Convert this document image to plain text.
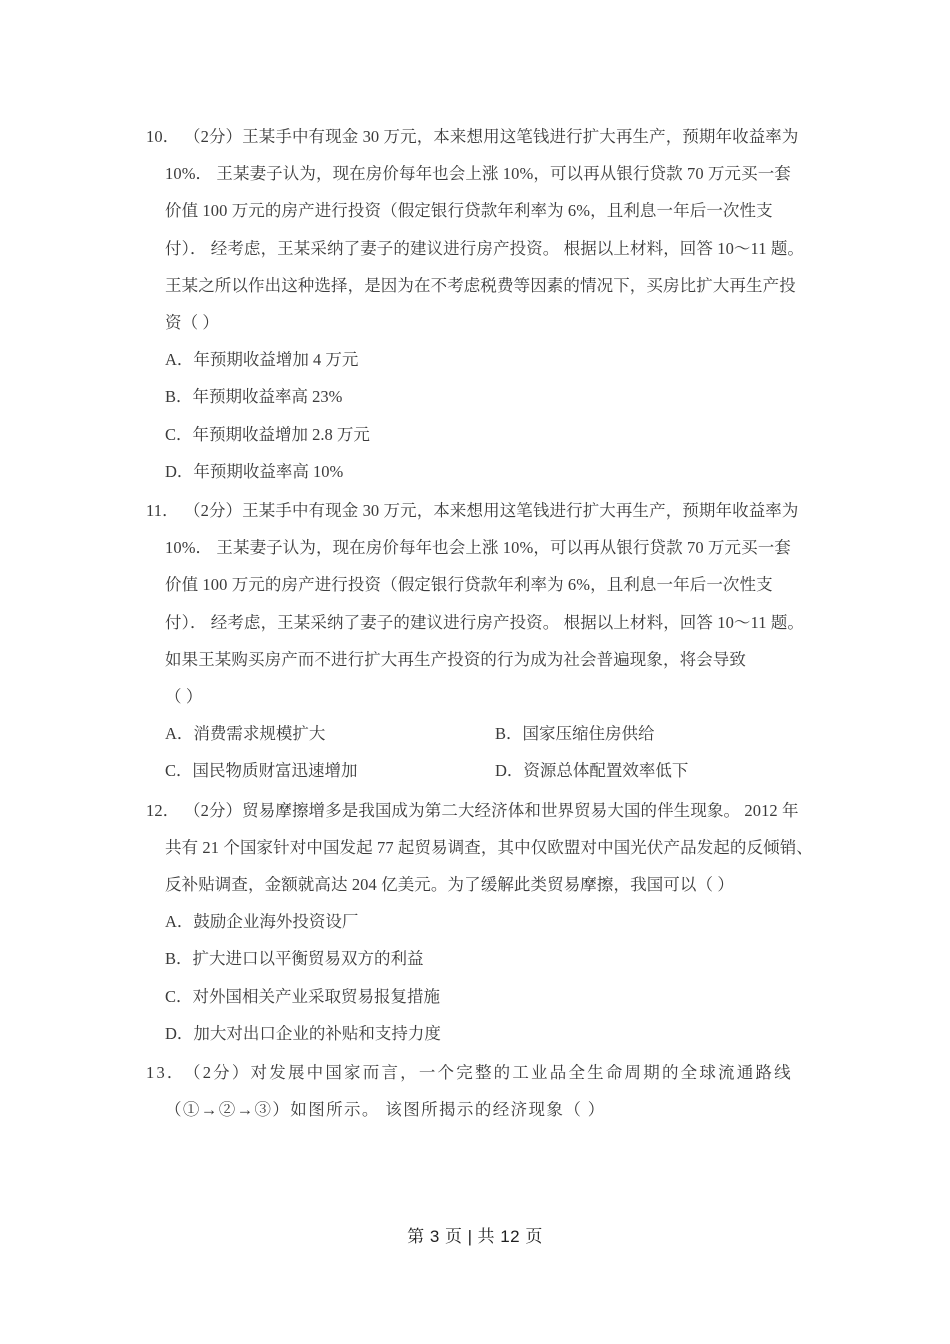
10． （2分）王某手中有现金 30 万元，本来想用这笔钱进行扩大再生产，预期年收益率为
10%． 王某妻子认为，现在房价每年也会上涨 10%，可以再从银行贷款 70 万元买一套
价值 100 万元的房产进行投资（假定银行贷款年利率为 6%，且利息一年后一次性支
付）． 经考虑，王某采纳了妻子的建议进行房产投资。 根据以上材料，回答 10～11 题。
王某之所以作出这种选择，是因为在不考虑税费等因素的情况下，买房比扩大再生产投
资（ ）
A．年预期收益增加 4 万元
B．年预期收益率高 23%
C．年预期收益增加 2.8 万元
D．年预期收益率高 10%
11． （2分）王某手中有现金 30 万元，本来想用这笔钱进行扩大再生产，预期年收益率为
10%． 王某妻子认为，现在房价每年也会上涨 10%，可以再从银行贷款 70 万元买一套
价值 100 万元的房产进行投资（假定银行贷款年利率为 6%，且利息一年后一次性支
付）． 经考虑，王某采纳了妻子的建议进行房产投资。 根据以上材料，回答 10～11 题。
如果王某购买房产而不进行扩大再生产投资的行为成为社会普遍现象，将会导致
（ ）
A．消费需求规模扩大	B．国家压缩住房供给
C．国民物质财富迅速增加	D．资源总体配置效率低下
12． （2分）贸易摩擦增多是我国成为第二大经济体和世界贸易大国的伴生现象。 2012 年
共有 21 个国家针对中国发起 77 起贸易调查，其中仅欧盟对中国光伏产品发起的反倾销、
反补贴调查，金额就高达 204 亿美元。为了缓解此类贸易摩擦，我国可以（ ）
A．鼓励企业海外投资设厂
B．扩大进口以平衡贸易双方的利益
C．对外国相关产业采取贸易报复措施
D．加大对出口企业的补贴和支持力度
13．（2分）对发展中国家而言，一个完整的工业品全生命周期的全球流通路线
（①→②→③）如图所示。 该图所揭示的经济现象（ ）
第 3 页 | 共 12 页
